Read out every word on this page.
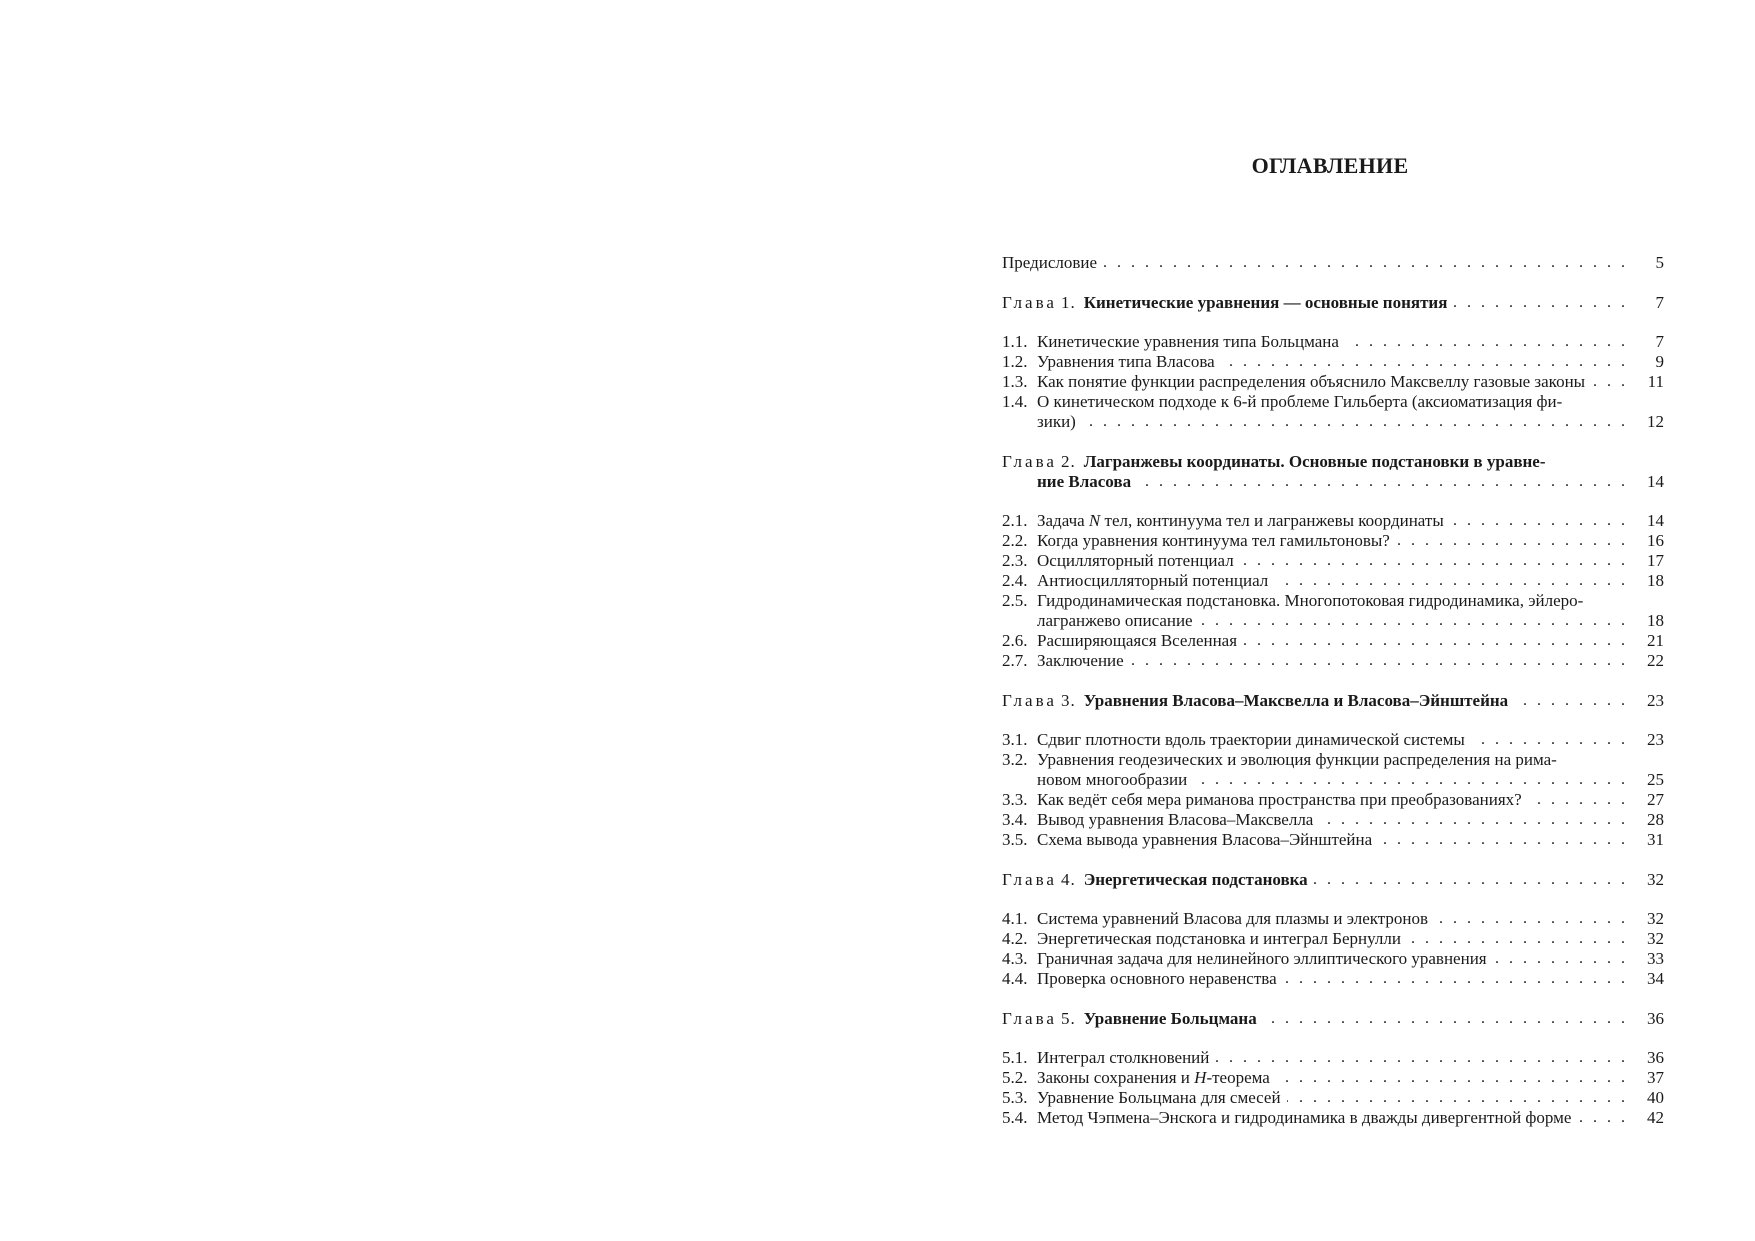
ОГЛАВЛЕНИЕ
Предисловие . . .	5
Глава 1. Кинетические уравнения — основные понятия . . .	7
1.1. Кинетические уравнения типа Больцмана . . .	7
1.2. Уравнения типа Власова . . .	9
1.3. Как понятие функции распределения объяснило Максвеллу газовые законы . . .	11
1.4. О кинетическом подходе к 6-й проблеме Гильберта (аксиоматизация фи-
зики) . . .	12
Глава 2. Лагранжевы координаты. Основные подстановки в уравне-
ние Власова . . .	14
2.1. Задача N тел, континуума тел и лагранжевы координаты . . .	14
2.2. Когда уравнения континуума тел гамильтоновы? . . .	16
2.3. Осцилляторный потенциал . . .	17
2.4. Антиосцилляторный потенциал . . .	18
2.5. Гидродинамическая подстановка. Многопотоковая гидродинамика, эйлеро-
лагранжево описание . . .	18
2.6. Расширяющаяся Вселенная . . .	21
2.7. Заключение . . .	22
Глава 3. Уравнения Власова–Максвелла и Власова–Эйнштейна . . .	23
3.1. Сдвиг плотности вдоль траектории динамической системы . . .	23
3.2. Уравнения геодезических и эволюция функции распределения на рима-
новом многообразии . . .	25
3.3. Как ведёт себя мера риманова пространства при преобразованиях? . . .	27
3.4. Вывод уравнения Власова–Максвелла . . .	28
3.5. Схема вывода уравнения Власова–Эйнштейна . . .	31
Глава 4. Энергетическая подстановка . . .	32
4.1. Система уравнений Власова для плазмы и электронов . . .	32
4.2. Энергетическая подстановка и интеграл Бернулли . . .	32
4.3. Граничная задача для нелинейного эллиптического уравнения . . .	33
4.4. Проверка основного неравенства . . .	34
Глава 5. Уравнение Больцмана . . .	36
5.1. Интеграл столкновений . . .	36
5.2. Законы сохранения и H-теорема . . .	37
5.3. Уравнение Больцмана для смесей . . .	40
5.4. Метод Чэпмена–Энскога и гидродинамика в дважды дивергентной форме . . .	42
